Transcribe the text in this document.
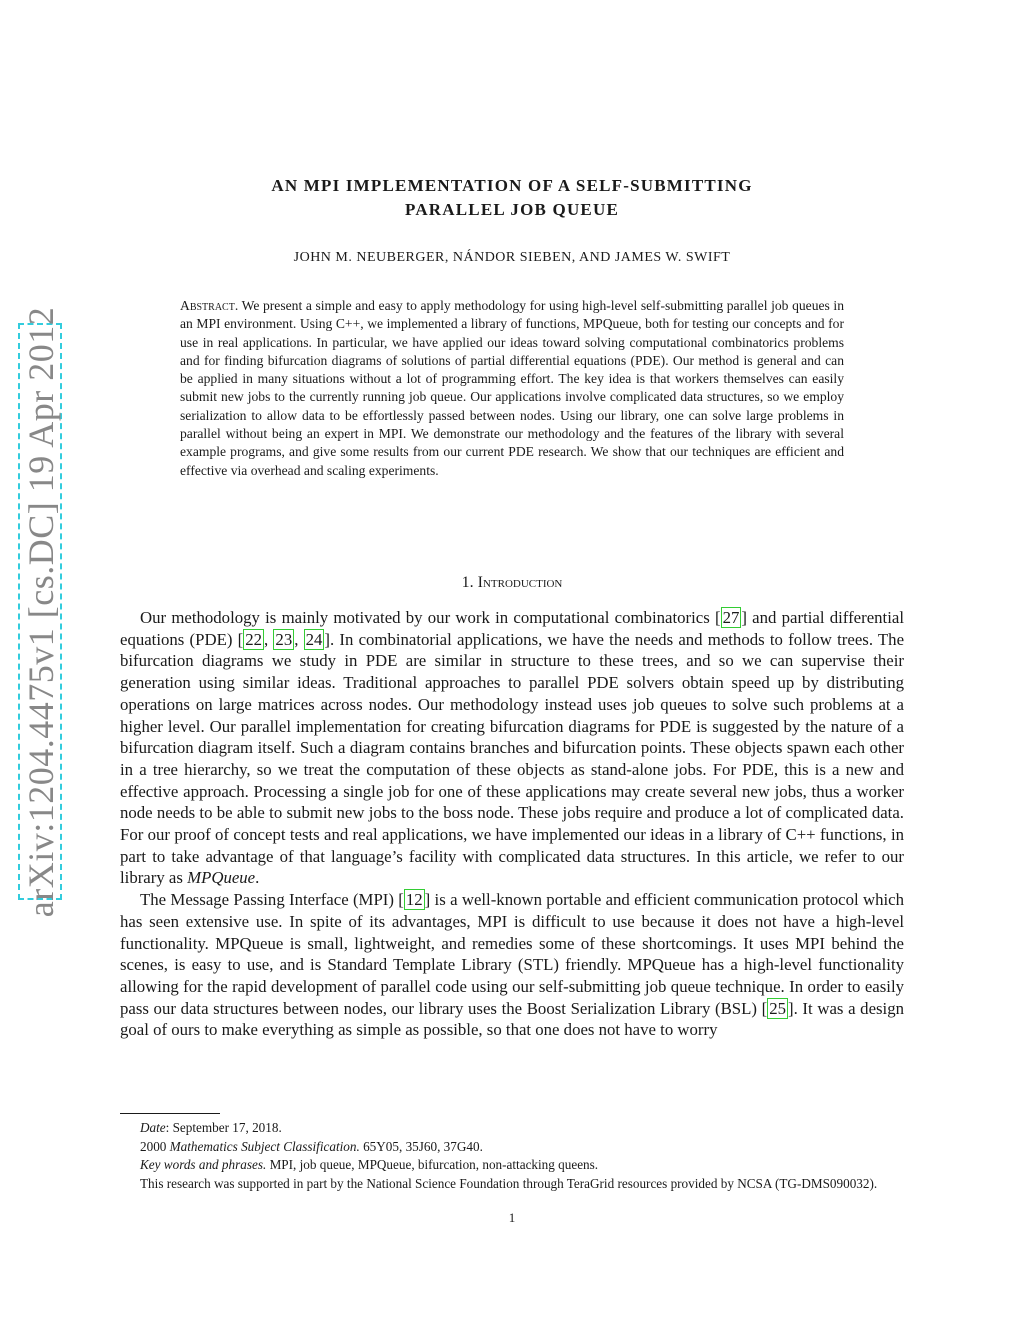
arXiv:1204.4475v1 [cs.DC] 19 Apr 2012
AN MPI IMPLEMENTATION OF A SELF-SUBMITTING
PARALLEL JOB QUEUE
JOHN M. NEUBERGER, NÁNDOR SIEBEN, AND JAMES W. SWIFT
Abstract. We present a simple and easy to apply methodology for using high-level self-submitting parallel job queues in an MPI environment. Using C++, we implemented a library of functions, MPQueue, both for testing our concepts and for use in real applications. In particular, we have applied our ideas toward solving computational combinatorics problems and for finding bifurcation diagrams of solutions of partial differential equations (PDE). Our method is general and can be applied in many situations without a lot of programming effort. The key idea is that workers themselves can easily submit new jobs to the currently running job queue. Our applications involve complicated data structures, so we employ serialization to allow data to be effortlessly passed between nodes. Using our library, one can solve large problems in parallel without being an expert in MPI. We demonstrate our methodology and the features of the library with several example programs, and give some results from our current PDE research. We show that our techniques are efficient and effective via overhead and scaling experiments.
1. Introduction

Our methodology is mainly motivated by our work in computational combinatorics [ 27 ] and partial differential equations (PDE) [ 22 , 23 , 24 ]. In combinatorial applications, we have the needs and methods to follow trees. The bifurcation diagrams we study in PDE are similar in structure to these trees, and so we can supervise their generation using similar ideas. Traditional approaches to parallel PDE solvers obtain speed up by distributing operations on large matrices across nodes. Our methodology instead uses job queues to solve such problems at a higher level. Our parallel implementation for creating bifurcation diagrams for PDE is suggested by the nature of a bifurcation diagram itself. Such a diagram contains branches and bifurcation points. These objects spawn each other in a tree hierarchy, so we treat the computation of these objects as stand-alone jobs. For PDE, this is a new and effective approach. Processing a single job for one of these applications may create several new jobs, thus a worker node needs to be able to submit new jobs to the boss node. These jobs require and produce a lot of complicated data. For our proof of concept tests and real applications, we have implemented our ideas in a library of C++ functions, in part to take advantage of that language’s facility with complicated data structures. In this article, we refer to our library as MPQueue.

The Message Passing Interface (MPI) [ 12 ] is a well-known portable and efficient communication protocol which has seen extensive use. In spite of its advantages, MPI is difficult to use because it does not have a high-level functionality. MPQueue is small, lightweight, and remedies some of these shortcomings. It uses MPI behind the scenes, is easy to use, and is Standard Template Library (STL) friendly. MPQueue has a high-level functionality allowing for the rapid development of parallel code using our self-submitting job queue technique. In order to easily pass our data structures between nodes, our library uses the Boost Serialization Library (BSL) [ 25 ]. It was a design goal of ours to make everything as simple as possible, so that one does not have to worry

Date: September 17, 2018.

2000 Mathematics Subject Classification. 65Y05, 35J60, 37G40.

Key words and phrases. MPI, job queue, MPQueue, bifurcation, non-attacking queens.

This research was supported in part by the National Science Foundation through TeraGrid resources provided by NCSA (TG-DMS090032).

1
